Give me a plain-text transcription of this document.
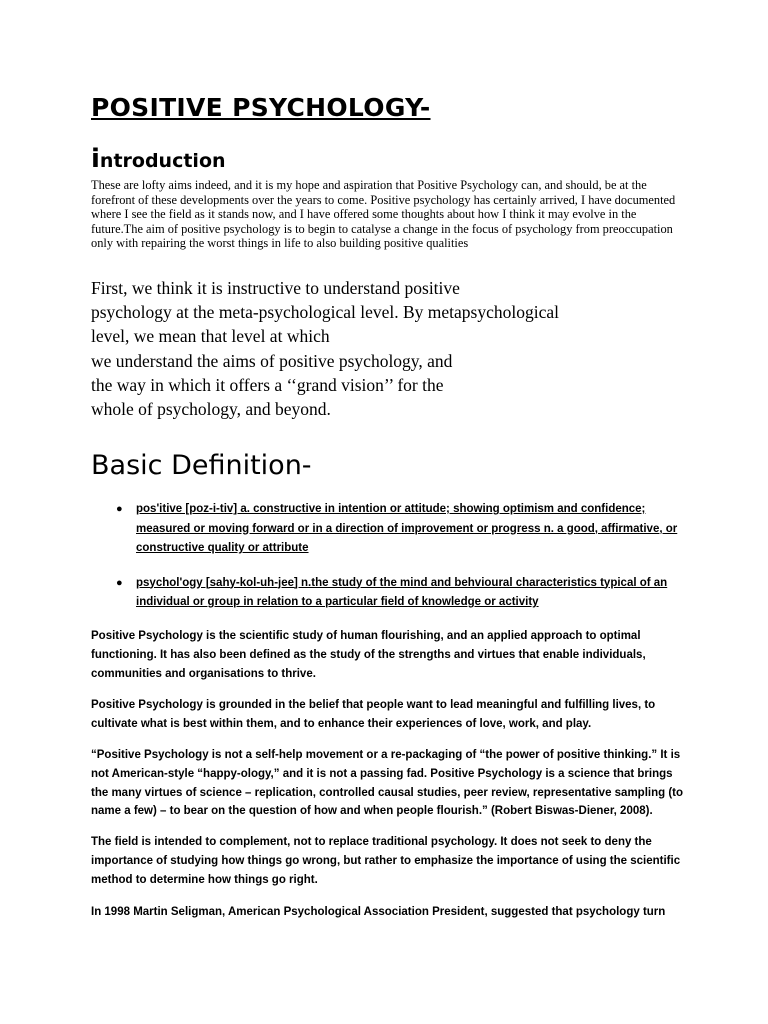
POSITIVE PSYCHOLOGY-
introduction

These are lofty aims indeed, and it is my hope and aspiration that Positive Psychology can, and should, be at the forefront of these developments over the years to come. Positive psychology has certainly arrived, I have documented where I see the field as it stands now, and I have offered some thoughts about how I think it may evolve in the future.The aim of positive psychology is to begin to catalyse a change in the focus of psychology from preoccupation only with repairing the worst things in life to also building positive qualities

First, we think it is instructive to understand positive
psychology at the meta-psychological level. By metapsychological
level, we mean that level at which
we understand the aims of positive psychology, and
the way in which it offers a ‘‘grand vision’’ for the
whole of psychology, and beyond.
Basic Definition-
● pos'itive [poz-i-tiv] a. constructive in intention or attitude; showing optimism and confidence; measured or moving forward or in a direction of improvement or progress n. a good, affirmative, or constructive quality or attribute
● psychol'ogy [sahy-kol-uh-jee] n.the study of the mind and behvioural characteristics typical of an individual or group in relation to a particular field of knowledge or activity

Positive Psychology is the scientific study of human flourishing, and an applied approach to optimal functioning. It has also been defined as the study of the strengths and virtues that enable individuals, communities and organisations to thrive.

Positive Psychology is grounded in the belief that people want to lead meaningful and fulfilling lives, to cultivate what is best within them, and to enhance their experiences of love, work, and play.

“Positive Psychology is not a self-help movement or a re-packaging of “the power of positive thinking.” It is not American-style “happy-ology,” and it is not a passing fad. Positive Psychology is a science that brings the many virtues of science – replication, controlled causal studies, peer review, representative sampling (to name a few) – to bear on the question of how and when people flourish.” (Robert Biswas-Diener, 2008).

The field is intended to complement, not to replace traditional psychology. It does not seek to deny the importance of studying how things go wrong, but rather to emphasize the importance of using the scientific method to determine how things go right.

In 1998 Martin Seligman, American Psychological Association President, suggested that psychology turn
